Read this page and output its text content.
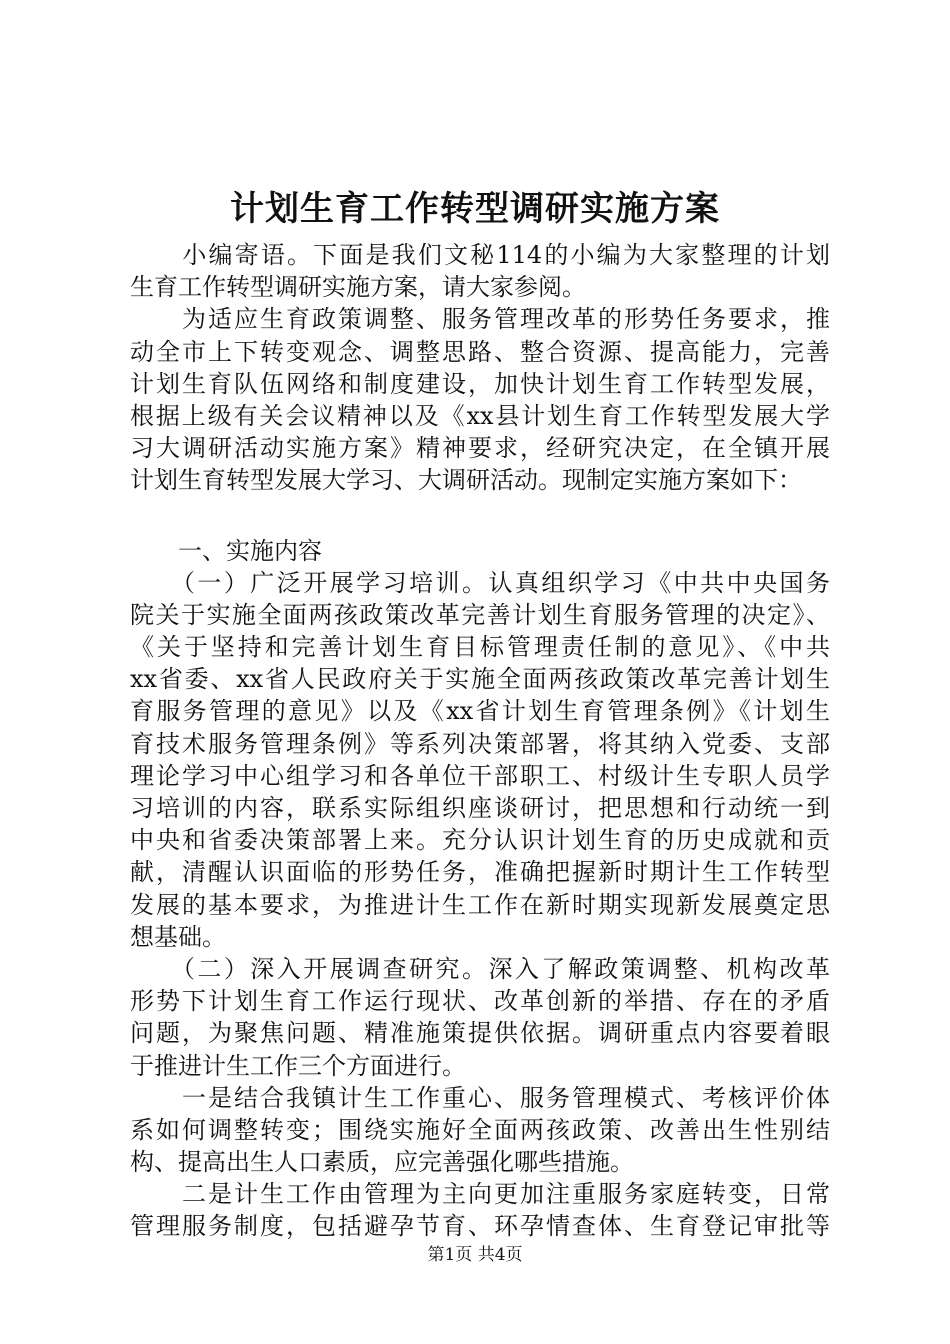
计划生育工作转型调研实施方案
　　小编寄语。下面是我们文秘114的小编为大家整理的计划
生育工作转型调研实施方案，请大家参阅。
　　为适应生育政策调整、服务管理改革的形势任务要求，推
动全市上下转变观念、调整思路、整合资源、提高能力，完善
计划生育队伍网络和制度建设，加快计划生育工作转型发展，
根据上级有关会议精神以及《xx县计划生育工作转型发展大学
习大调研活动实施方案》精神要求，经研究决定，在全镇开展
计划生育转型发展大学习、大调研活动。现制定实施方案如下：
　　一、实施内容
　　（一）广泛开展学习培训。认真组织学习《中共中央国务
院关于实施全面两孩政策改革完善计划生育服务管理的决定》、
《关于坚持和完善计划生育目标管理责任制的意见》、《中共
xx省委、xx省人民政府关于实施全面两孩政策改革完善计划生
育服务管理的意见》以及《xx省计划生育管理条例》《计划生
育技术服务管理条例》等系列决策部署，将其纳入党委、支部
理论学习中心组学习和各单位干部职工、村级计生专职人员学
习培训的内容，联系实际组织座谈研讨，把思想和行动统一到
中央和省委决策部署上来。充分认识计划生育的历史成就和贡
献，清醒认识面临的形势任务，准确把握新时期计生工作转型
发展的基本要求，为推进计生工作在新时期实现新发展奠定思
想基础。
　　（二）深入开展调查研究。深入了解政策调整、机构改革
形势下计划生育工作运行现状、改革创新的举措、存在的矛盾
问题，为聚焦问题、精准施策提供依据。调研重点内容要着眼
于推进计生工作三个方面进行。
　　一是结合我镇计生工作重心、服务管理模式、考核评价体
系如何调整转变；围绕实施好全面两孩政策、改善出生性别结
构、提高出生人口素质，应完善强化哪些措施。
　　二是计生工作由管理为主向更加注重服务家庭转变，日常
管理服务制度，包括避孕节育、环孕情查体、生育登记审批等
第1页 共4页
